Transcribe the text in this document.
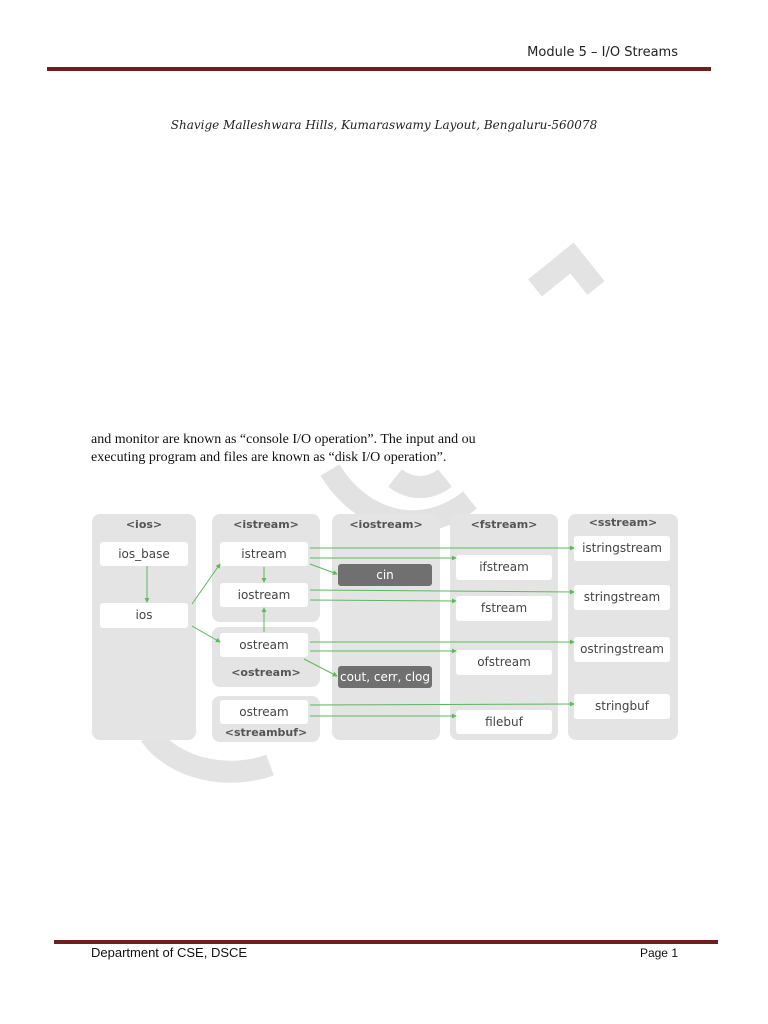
Module 5 – I/O Streams
Shavige Malleshwara Hills, Kumaraswamy Layout, Bengaluru-560078
and monitor are known as “console I/O operation”. The input and ou
executing program and files are known as “disk I/O operation”.
<ios>	<istream>	<iostream>	<fstream>	<sstream>
ios_base
ios
istream
iostream
ostream
<ostream>
ostream
<streambuf>
cin
cout, cerr, clog
ifstream
fstream
ofstream
filebuf
istringstream
stringstream
ostringstream
stringbuf
Department of CSE, DSCE	Page 1
